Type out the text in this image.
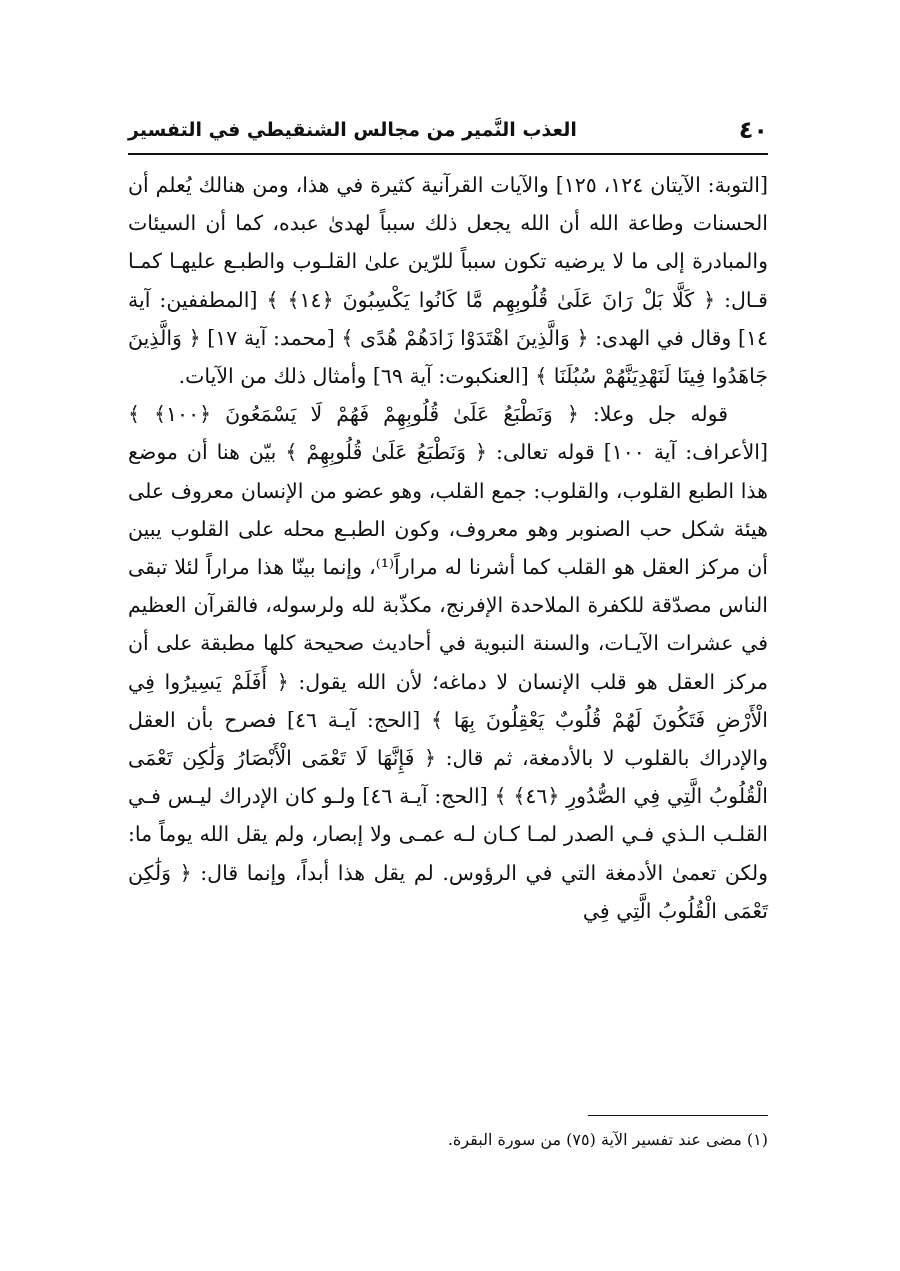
٤٠
العذب النَّمير من مجالس الشنقيطي في التفسير

[التوبة: الآيتان ١٢٤، ١٢٥] والآيات القرآنية كثيرة في هذا، ومن هنالك يُعلم أن الحسنات وطاعة الله أن الله يجعل ذلك سبباً لهدىٰ عبده، كما أن السيئات والمبادرة إلى ما لا يرضيه تكون سبباً للرّين علىٰ القلـوب والطبـع عليهـا كمـا قـال: ﴿ كَلَّا بَلْ رَانَ عَلَىٰ قُلُوبِهِم مَّا كَانُوا يَكْسِبُونَ ﴿١٤﴾ ﴾ [المطففين: آية ١٤] وقال في الهدى: ﴿ وَالَّذِينَ اهْتَدَوْا زَادَهُمْ هُدًى ﴾ [محمد: آية ١٧] ﴿ وَالَّذِينَ جَاهَدُوا فِينَا لَنَهْدِيَنَّهُمْ سُبُلَنَا ﴾ [العنكبوت: آية ٦٩] وأمثال ذلك من الآيات.

قوله جل وعلا: ﴿ وَنَطْبَعُ عَلَىٰ قُلُوبِهِمْ فَهُمْ لَا يَسْمَعُونَ ﴿١٠٠﴾ ﴾ [الأعراف: آية ١٠٠] قوله تعالى: ﴿ وَنَطْبَعُ عَلَىٰ قُلُوبِهِمْ ﴾ بيّن هنا أن موضع هذا الطبع القلوب، والقلوب: جمع القلب، وهو عضو من الإنسان معروف على هيئة شكل حب الصنوبر وهو معروف، وكون الطبـع محله على القلوب يبين أن مركز العقل هو القلب كما أشرنا له مراراً⁽¹⁾، وإنما بينّا هذا مراراً لئلا تبقى الناس مصدّقة للكفرة الملاحدة الإفرنج، مكذّبة لله ولرسوله، فالقرآن العظيم في عشرات الآيـات، والسنة النبوية في أحاديث صحيحة كلها مطبقة على أن مركز العقل هو قلب الإنسان لا دماغه؛ لأن الله يقول: ﴿ أَفَلَمْ يَسِيرُوا فِي الْأَرْضِ فَتَكُونَ لَهُمْ قُلُوبٌ يَعْقِلُونَ بِهَا ﴾ [الحج: آيـة ٤٦] فصرح بأن العقل والإدراك بالقلوب لا بالأدمغة، ثم قال: ﴿ فَإِنَّهَا لَا تَعْمَى الْأَبْصَارُ وَلَٰكِن تَعْمَى الْقُلُوبُ الَّتِي فِي الصُّدُورِ ﴿٤٦﴾ ﴾ [الحج: آيـة ٤٦] ولـو كان الإدراك ليـس فـي القلـب الـذي فـي الصدر لمـا كـان لـه عمـى ولا إبصار، ولم يقل الله يوماً ما: ولكن تعمىٰ الأدمغة التي في الرؤوس. لم يقل هذا أبداً، وإنما قال: ﴿ وَلَٰكِن تَعْمَى الْقُلُوبُ الَّتِي فِي

(١) مضى عند تفسير الآية (٧٥) من سورة البقرة.
